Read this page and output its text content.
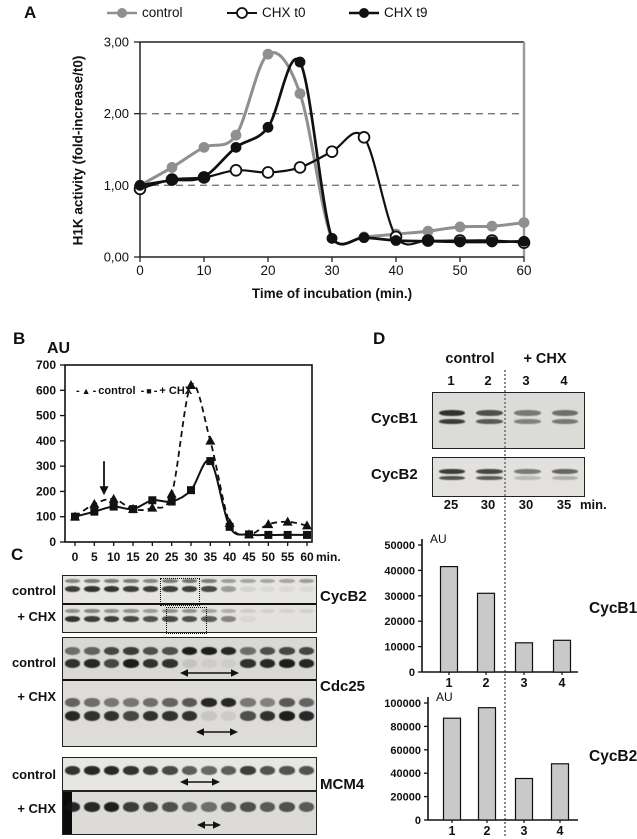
A	control	CHX t0	CHX t9
0,00
1,00
2,00
3,00
0	10	20	30	40	50	60
H1K activity (fold-increase/t0)
Time of incubation (min.)
B
AU
0
100
200
300
400
500
600
700
0 5 10 15 20 25 30 35 40 45 50 55 60 min.
- ▲ - control - ■ - + CHX
C
control
+ CHX
CycB2
control
+ CHX
Cdc25
control
+ CHX
MCM4
D
control	+ CHX
1	2	3	4
CycB1
CycB2
25	30	30	35 min.
0
10000
20000
30000
40000
50000 AU
1 2 3 4
CycB1
0
20000
40000
60000
80000
100000 AU
1 2 3 4
CycB2
